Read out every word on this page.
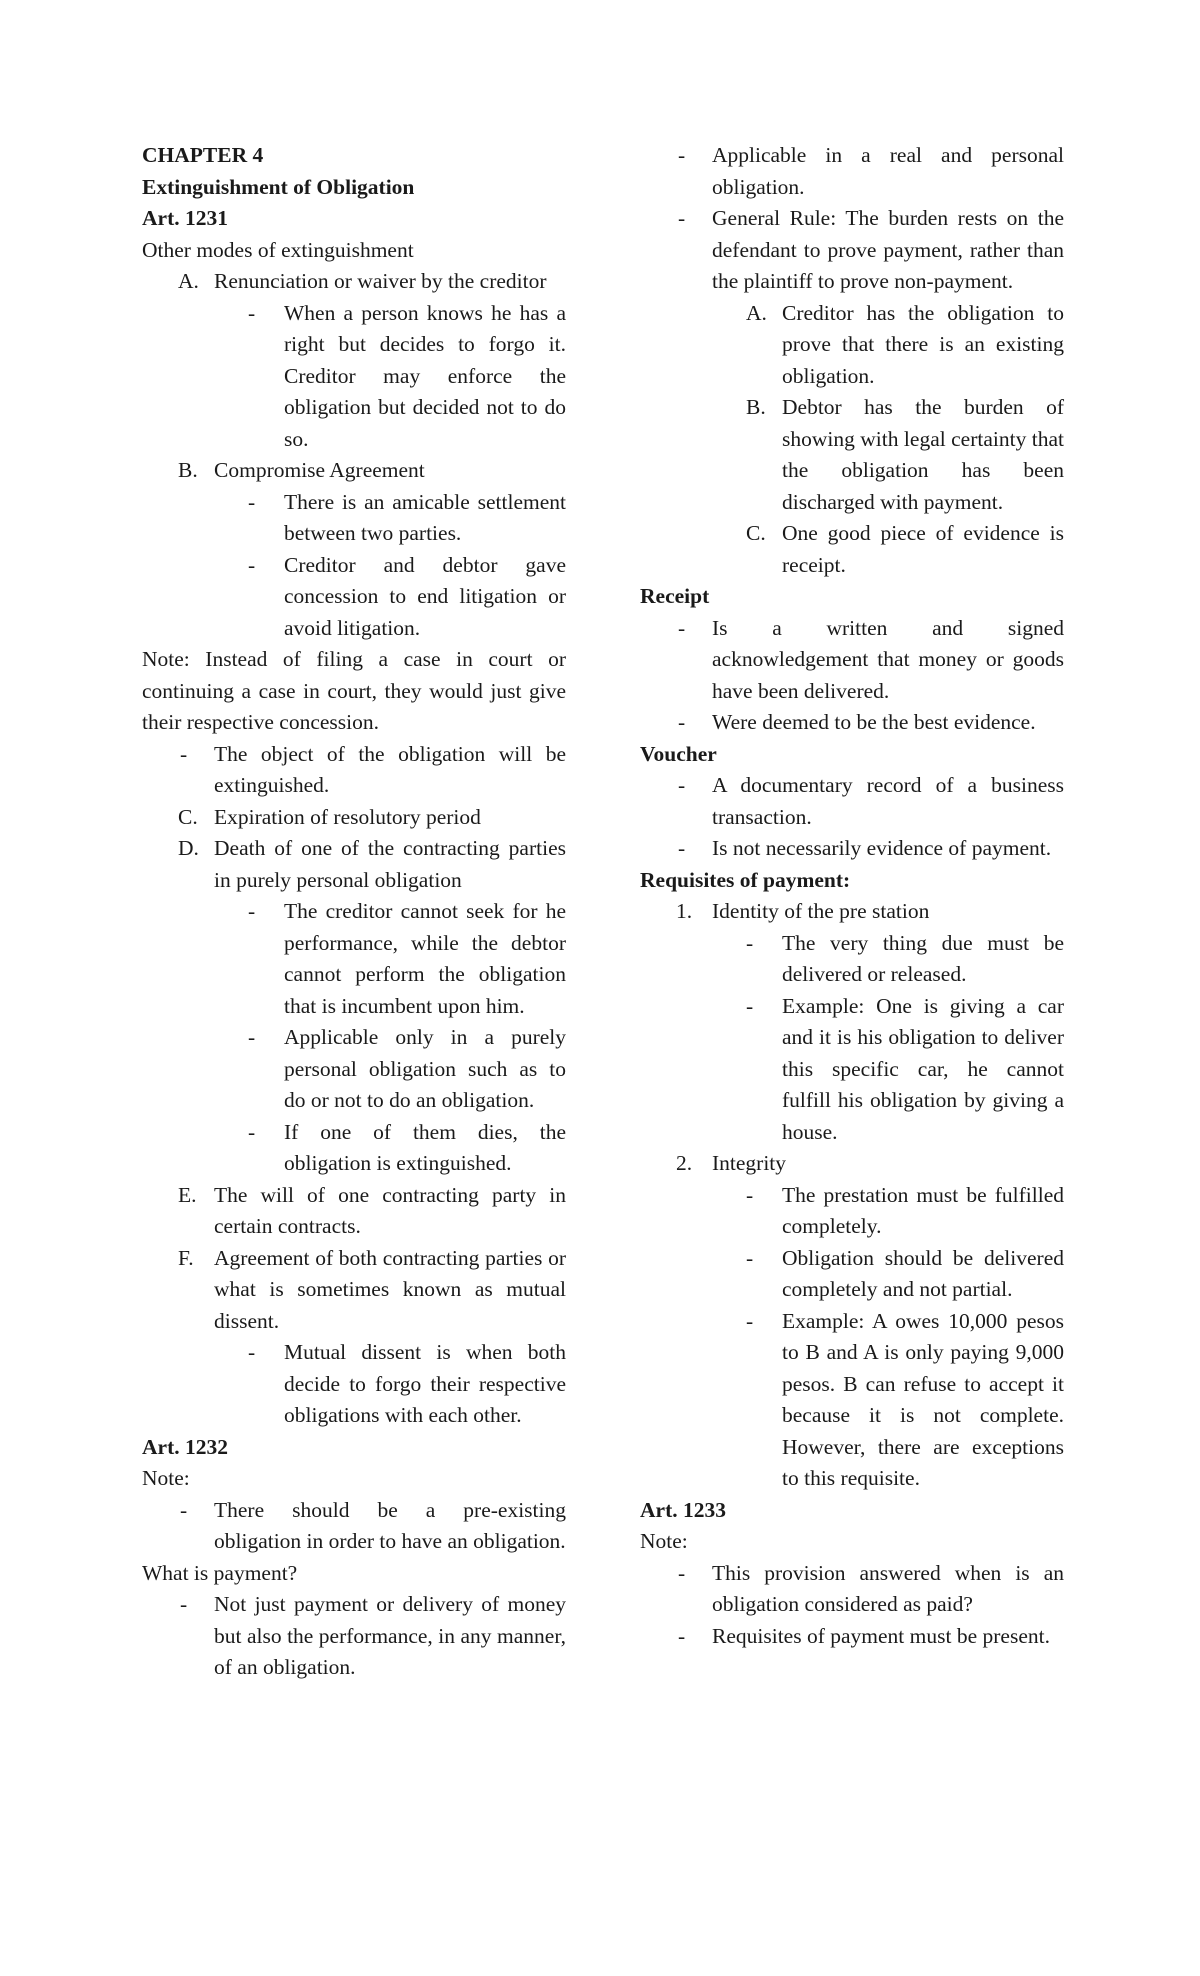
CHAPTER 4

Extinguishment of Obligation

Art. 1231

Other modes of extinguishment

A. Renunciation or waiver by the creditor
- When a person knows he has a right but decides to forgo it. Creditor may enforce the obligation but decided not to do so.
B. Compromise Agreement
- There is an amicable settlement between two parties.
- Creditor and debtor gave concession to end litigation or avoid litigation.

Note: Instead of filing a case in court or continuing a case in court, they would just give their respective concession.

- The object of the obligation will be extinguished.
C. Expiration of resolutory period
D. Death of one of the contracting parties in purely personal obligation
- The creditor cannot seek for he performance, while the debtor cannot perform the obligation that is incumbent upon him.
- Applicable only in a purely personal obligation such as to do or not to do an obligation.
- If one of them dies, the obligation is extinguished.
E. The will of one contracting party in certain contracts.
F. Agreement of both contracting parties or what is sometimes known as mutual dissent.
- Mutual dissent is when both decide to forgo their respective obligations with each other.

Art. 1232

Note:

- There should be a pre-existing obligation in order to have an obligation.

What is payment?

- Not just payment or delivery of money but also the performance, in any manner, of an obligation.
- Applicable in a real and personal obligation.
- General Rule: The burden rests on the defendant to prove payment, rather than the plaintiff to prove non-payment.
A. Creditor has the obligation to prove that there is an existing obligation.
B. Debtor has the burden of showing with legal certainty that the obligation has been discharged with payment.
C. One good piece of evidence is receipt.

Receipt

- Is a written and signed acknowledgement that money or goods have been delivered.
- Were deemed to be the best evidence.

Voucher

- A documentary record of a business transaction.
- Is not necessarily evidence of payment.

Requisites of payment:

1. Identity of the pre station
- The very thing due must be delivered or released.
- Example: One is giving a car and it is his obligation to deliver this specific car, he cannot fulfill his obligation by giving a house.
2. Integrity
- The prestation must be fulfilled completely.
- Obligation should be delivered completely and not partial.
- Example: A owes 10,000 pesos to B and A is only paying 9,000 pesos. B can refuse to accept it because it is not complete. However, there are exceptions to this requisite.

Art. 1233

Note:

- This provision answered when is an obligation considered as paid?
- Requisites of payment must be present.
